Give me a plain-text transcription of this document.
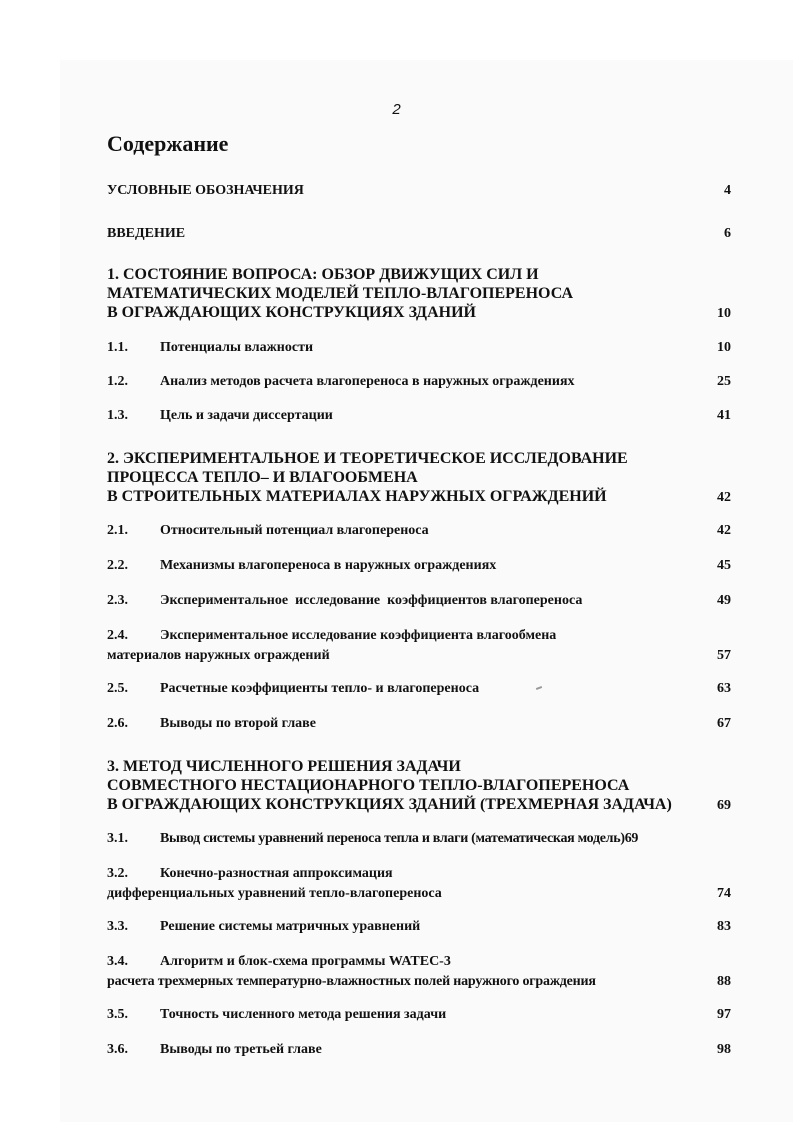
2
Содержание
УСЛОВНЫЕ ОБОЗНАЧЕНИЯ	4
ВВЕДЕНИЕ	6
1. СОСТОЯНИЕ ВОПРОСА: ОБЗОР ДВИЖУЩИХ СИЛ И
МАТЕМАТИЧЕСКИХ МОДЕЛЕЙ ТЕПЛО-ВЛАГОПЕРЕНОСА
В ОГРАЖДАЮЩИХ КОНСТРУКЦИЯХ ЗДАНИЙ	10
1.1.	Потенциалы влажности	10
1.2.	Анализ методов расчета влагопереноса в наружных ограждениях	25
1.3.	Цель и задачи диссертации	41
2. ЭКСПЕРИМЕНТАЛЬНОЕ И ТЕОРЕТИЧЕСКОЕ ИССЛЕДОВАНИЕ
ПРОЦЕССА ТЕПЛО– И ВЛАГООБМЕНА
В СТРОИТЕЛЬНЫХ МАТЕРИАЛАХ НАРУЖНЫХ ОГРАЖДЕНИЙ	42
2.1.	Относительный потенциал влагопереноса	42
2.2.	Механизмы влагопереноса в наружных ограждениях	45
2.3.	Экспериментальное  исследование  коэффициентов влагопереноса	49
2.4.	Экспериментальное исследование коэффициента влагообмена
материалов наружных ограждений	57
2.5.	Расчетные коэффициенты тепло- и влагопереноса	63
2.6.	Выводы по второй главе	67
3. МЕТОД ЧИСЛЕННОГО РЕШЕНИЯ ЗАДАЧИ
СОВМЕСТНОГО НЕСТАЦИОНАРНОГО ТЕПЛО-ВЛАГОПЕРЕНОСА
В ОГРАЖДАЮЩИХ КОНСТРУКЦИЯХ ЗДАНИЙ (ТРЕХМЕРНАЯ ЗАДАЧА)	69
3.1.	Вывод системы уравнений переноса тепла и влаги (математическая модель)69
3.2.	Конечно-разностная аппроксимация
дифференциальных уравнений тепло-влагопереноса	74
3.3.	Решение системы матричных уравнений	83
3.4.	Алгоритм и блок-схема программы WATEC-3
расчета трехмерных температурно-влажностных полей наружного ограждения	88
3.5.	Точность численного метода решения задачи	97
3.6.	Выводы по третьей главе	98
